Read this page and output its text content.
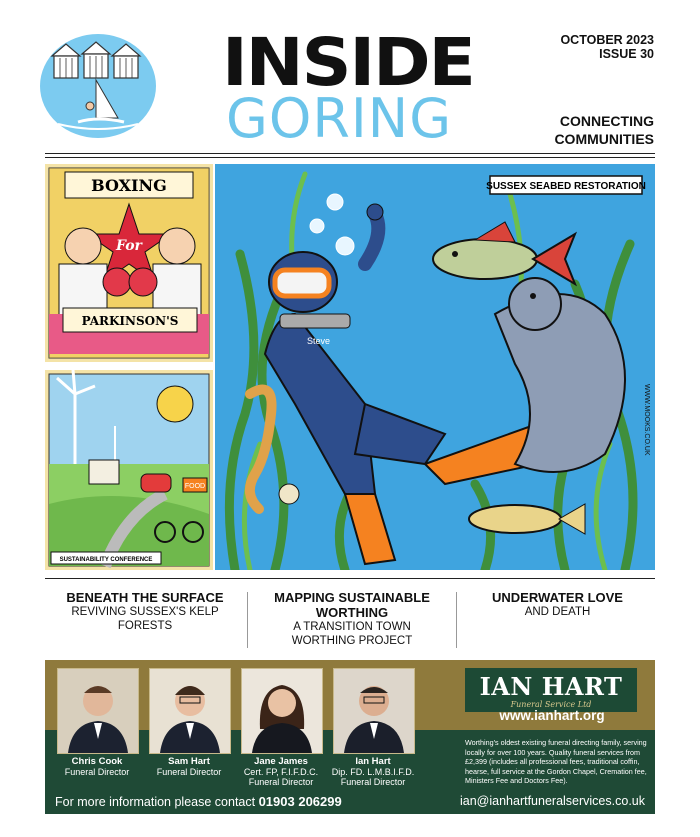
INSIDE
GORING
OCTOBER 2023
ISSUE 30
CONNECTING
COMMUNITIES
SUSSEX SEABED RESTORATION
Steve
WWW.MOOKS.CO.UK
BOXING
For
PARKINSON'S
FOOD
SUSTAINABILITY CONFERENCE
BENEATH THE SURFACE
REVIVING SUSSEX'S KELP FORESTS
MAPPING SUSTAINABLE
WORTHING
A TRANSITION TOWN
WORTHING PROJECT
UNDERWATER LOVE
AND DEATH
Chris Cook
Funeral Director
Sam Hart
Funeral Director
Jane James
Cert. FP, F.I.F.D.C.
Funeral Director
Ian Hart
Dip. FD. L.M.B.I.F.D.
Funeral Director
IAN HART
Funeral Service Ltd
www.ianhart.org
Worthing's oldest existing funeral directing family, serving locally for over 100 years. Quality funeral services from £2,399 (includes all professional fees, traditional coffin, hearse, full service at the Gordon Chapel, Cremation fee, Ministers Fee and Doctors Fee).
For more information please contact 01903 206299	ian@ianhartfuneralservices.co.uk
